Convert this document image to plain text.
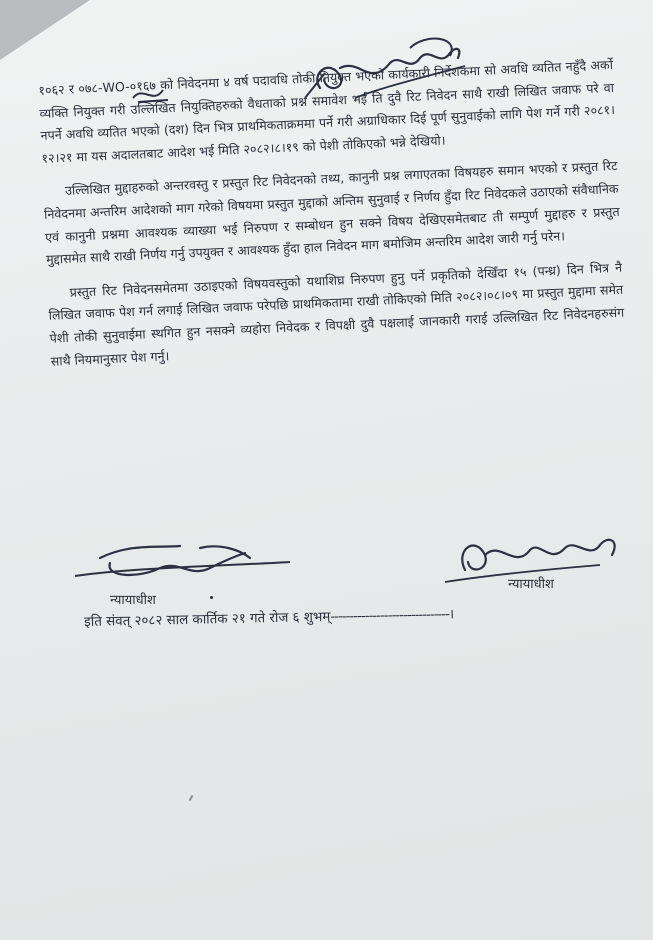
१०६२ र ०७८-WO-०१६७ को निवेदनमा ४ वर्ष पदावधि तोकी नियुक्त भएको कार्यकारी निर्देशकमा सो अवधि व्यतित नहुँदै अर्को व्यक्ति नियुक्त गरी उल्लिखित नियुक्तिहरुको वैधताको प्रश्न समावेश भई ति दुवै रिट निवेदन साथै राखी लिखित जवाफ परे वा नपर्ने अवधि व्यतित भएको (दश) दिन भित्र प्राथमिकताक्रममा पर्ने गरी अग्राधिकार दिई पूर्ण सुनुवाईको लागि पेश गर्ने गरी २०८१।१२।२१ मा यस अदालतबाट आदेश भई मिति २०८२।८।१९ को पेशी तोकिएको भन्ने देखियो।

उल्लिखित मुद्दाहरुको अन्तरवस्तु र प्रस्तुत रिट निवेदनको तथ्य, कानुनी प्रश्न लगाएतका विषयहरु समान भएको र प्रस्तुत रिट निवेदनमा अन्तरिम आदेशको माग गरेको विषयमा प्रस्तुत मुद्दाको अन्तिम सुनुवाई र निर्णय हुँदा रिट निवेदकले उठाएको संवैधानिक एवं कानुनी प्रश्नमा आवश्यक व्याख्या भई निरुपण र सम्बोधन हुन सक्ने विषय देखिएसमेतबाट ती सम्पुर्ण मुद्दाहरु र प्रस्तुत मुद्दासमेत साथै राखी निर्णय गर्नु उपयुक्त र आवश्यक हुँदा हाल निवेदन माग बमोजिम अन्तरिम आदेश जारी गर्नु परेन।

प्रस्तुत रिट निवेदनसमेतमा उठाइएको विषयवस्तुको यथाशिघ्र निरुपण हुनु पर्ने प्रकृतिको देखिँदा १५ (पन्ध्र) दिन भित्र नै लिखित जवाफ पेश गर्न लगाई लिखित जवाफ परेपछि प्राथमिकतामा राखी तोकिएको मिति २०८२।०८।०९ मा प्रस्तुत मुद्दामा समेत पेशी तोकी सुनुवाईमा स्थगित हुन नसक्ने व्यहोरा निवेदक र विपक्षी दुवै पक्षलाई जानकारी गराई उल्लिखित रिट निवेदनहरुसंग साथै नियमानुसार पेश गर्नु।

न्यायाधीश
न्यायाधीश
इति संवत् २०८२ साल कार्तिक २१ गते रोज ६ शुभम्-------------------------------।
